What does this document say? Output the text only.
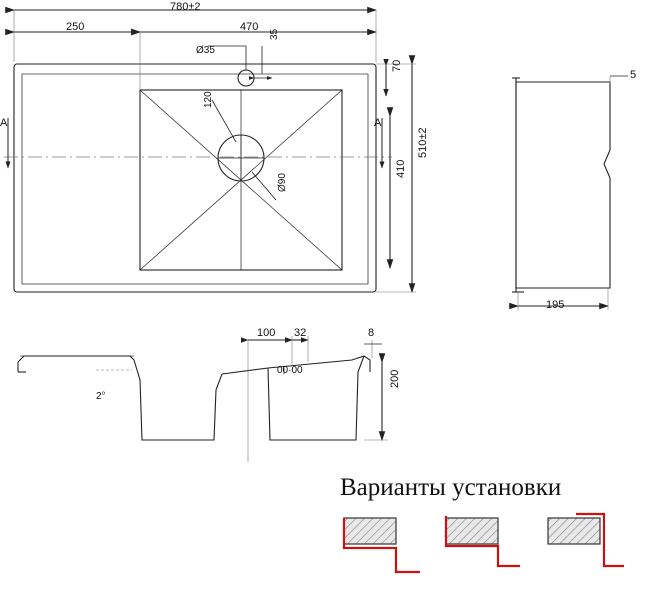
780±2
250	470
Ø35
35
70
120
Ø90
410
510±2
A	A
5
195
100 32	8
2°
200
00·00
Варианты установки
